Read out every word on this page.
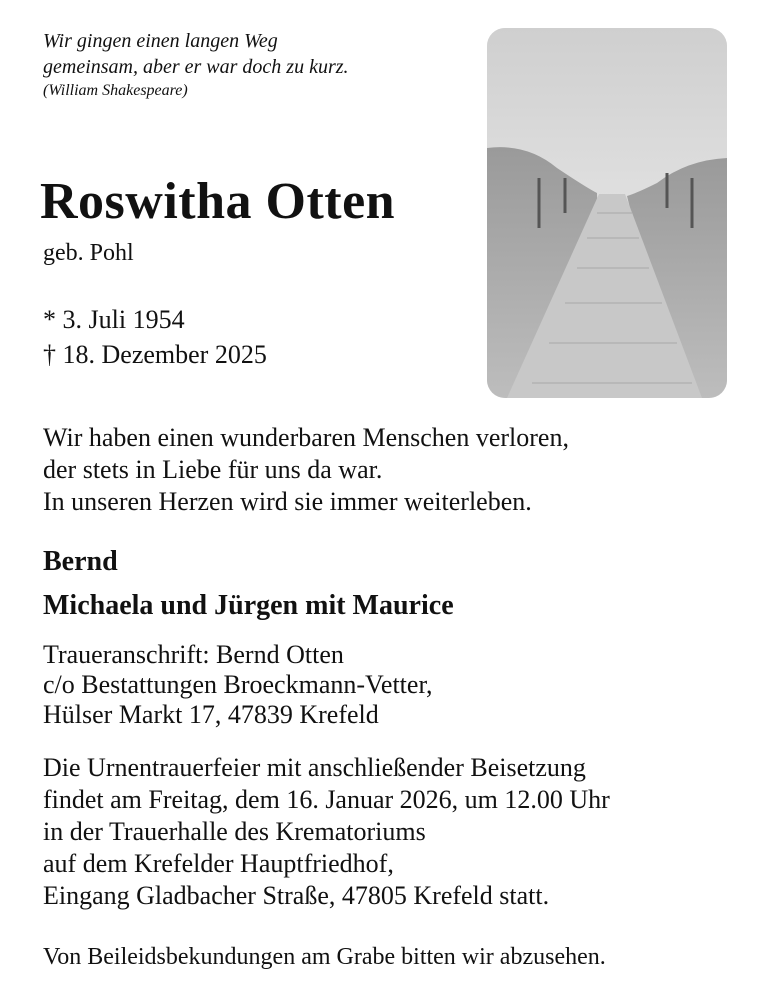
Wir gingen einen langen Weg
gemeinsam, aber er war doch zu kurz.
(William Shakespeare)
Roswitha Otten
geb. Pohl
* 3. Juli 1954
† 18. Dezember 2025
Wir haben einen wunderbaren Menschen verloren,
der stets in Liebe für uns da war.
In unseren Herzen wird sie immer weiterleben.
Bernd
Michaela und Jürgen mit Maurice
Traueranschrift: Bernd Otten
c/o Bestattungen Broeckmann-Vetter,
Hülser Markt 17, 47839 Krefeld
Die Urnentrauerfeier mit anschließender Beisetzung
findet am Freitag, dem 16. Januar 2026, um 12.00 Uhr
in der Trauerhalle des Krematoriums
auf dem Krefelder Hauptfriedhof,
Eingang Gladbacher Straße, 47805 Krefeld statt.
Von Beileidsbekundungen am Grabe bitten wir abzusehen.
